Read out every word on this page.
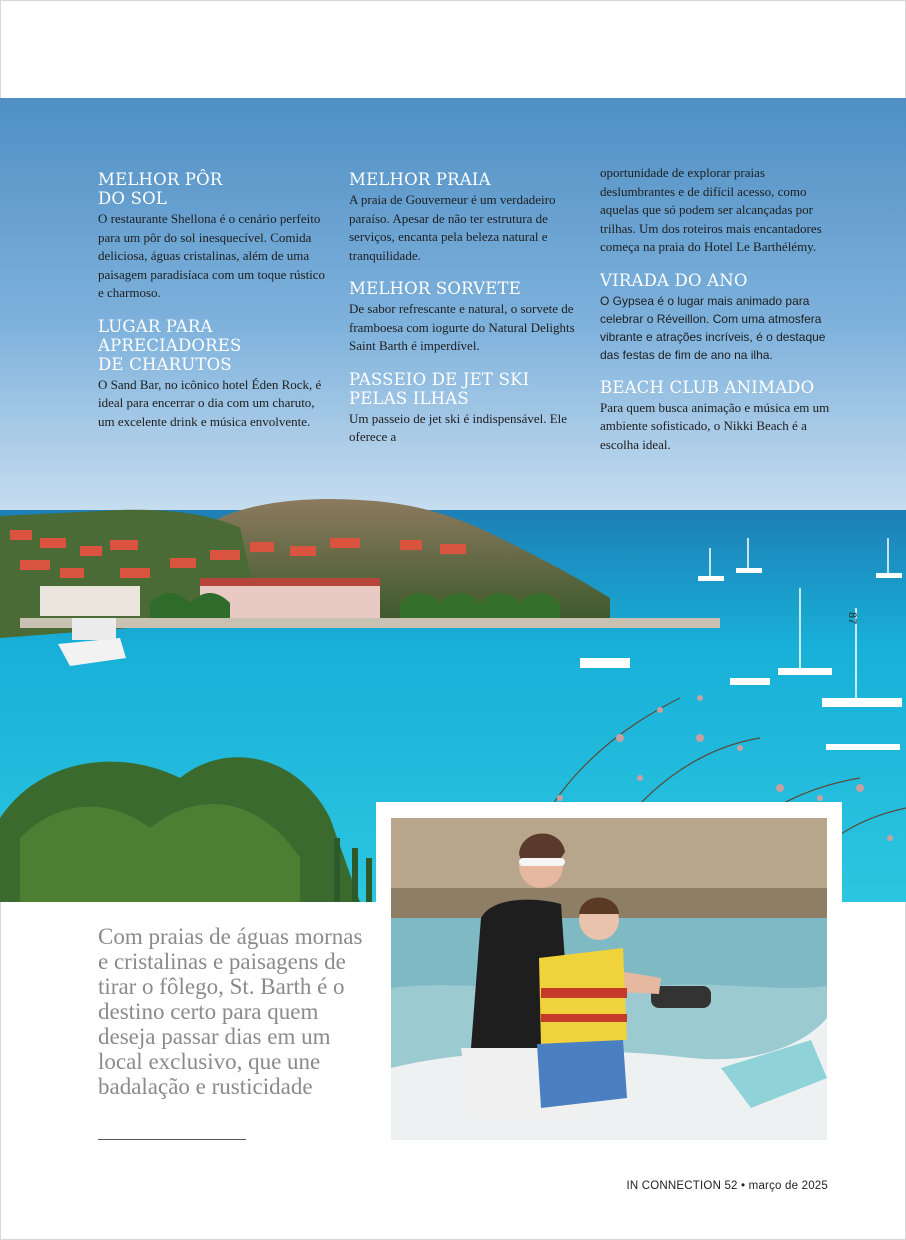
MELHOR PÔR
DO SOL

O restaurante Shellona é o cenário perfeito para um pôr do sol inesquecível. Comida deliciosa, águas cristalinas, além de uma paisagem paradisíaca com um toque rústico e charmoso.

LUGAR PARA
APRECIADORES
DE CHARUTOS

O Sand Bar, no icônico hotel Éden Rock, é ideal para encerrar o dia com um charuto, um excelente drink e música envolvente.

MELHOR PRAIA

A praia de Gouverneur é um verdadeiro paraíso. Apesar de não ter estrutura de serviços, encanta pela beleza natural e tranquilidade.

MELHOR SORVETE

De sabor refrescante e natural, o sorvete de framboesa com iogurte do Natural Delights Saint Barth é imperdível.

PASSEIO DE JET SKI
PELAS ILHAS

Um passeio de jet ski é indispensável. Ele oferece a

oportunidade de explorar praias deslumbrantes e de difícil acesso, como aquelas que só podem ser alcançadas por trilhas. Um dos roteiros mais encantadores começa na praia do Hotel Le Barthélémy.

VIRADA DO ANO

O Gypsea é o lugar mais animado para celebrar o Réveillon. Com uma atmosfera vibrante e atrações incríveis, é o destaque das festas de fim de ano na ilha.

BEACH CLUB ANIMADO

Para quem busca animação e música em um ambiente sofisticado, o Nikki Beach é a escolha ideal.

87
Com praias de águas mornas e cristalinas e paisagens de tirar o fôlego, St. Barth é o destino certo para quem deseja passar dias em um local exclusivo, que une badalação e rusticidade
IN CONNECTION 52 • março de 2025
